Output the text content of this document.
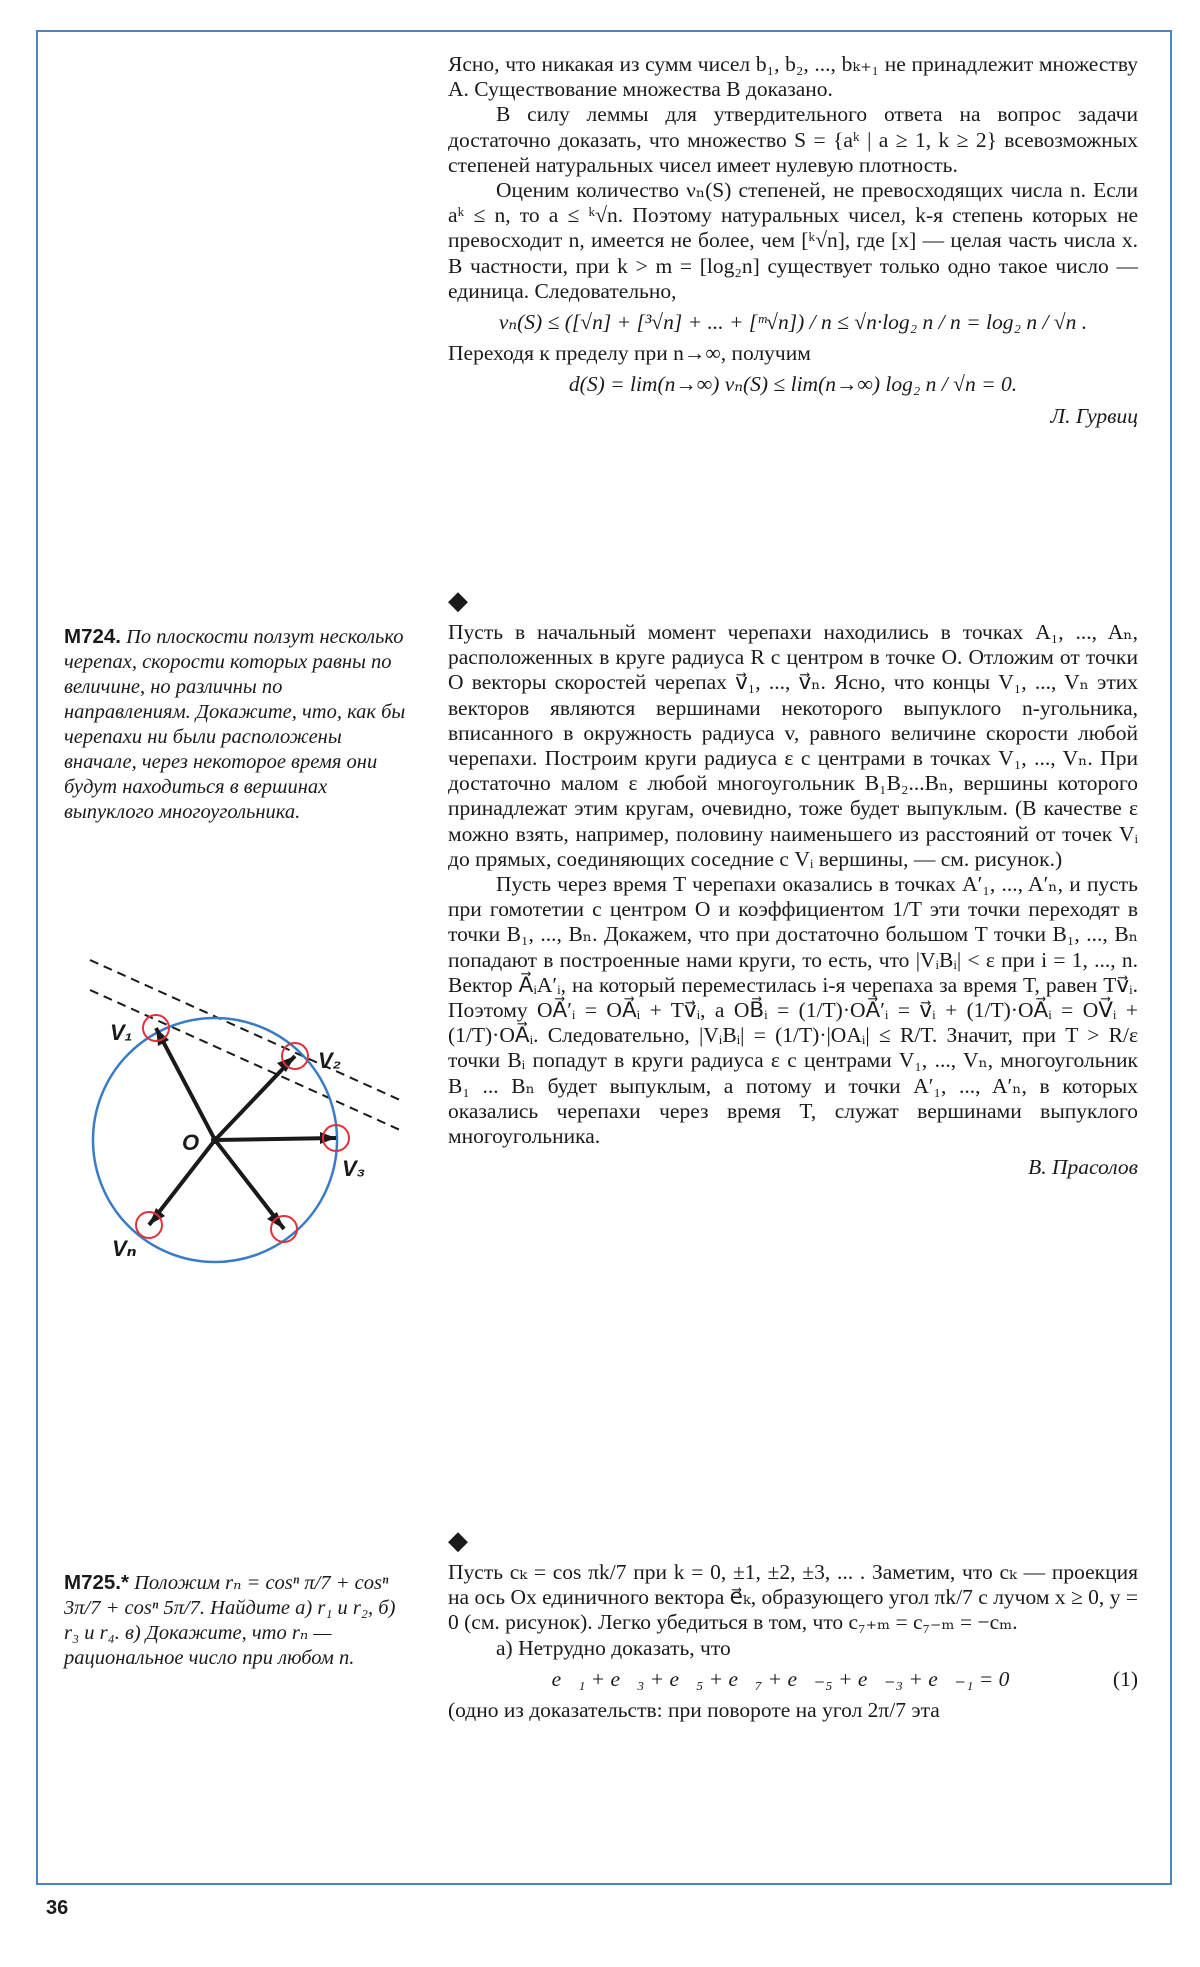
Ясно, что никакая из сумм чисел b₁, b₂, ..., bₖ₊₁ не принадлежит множеству A. Существование множества B доказано.

В силу леммы для утвердительного ответа на вопрос задачи достаточно доказать, что множество S = {aᵏ | a ≥ 1, k ≥ 2} всевозможных степеней натуральных чисел имеет нулевую плотность.

Оценим количество νₙ(S) степеней, не превосходящих числа n. Если aᵏ ≤ n, то a ≤ ᵏ√n. Поэтому натуральных чисел, k-я степень которых не превосходит n, имеется не более, чем [ᵏ√n], где [x] — целая часть числа x. В частности, при k > m = [log₂n] существует только одно такое число — единица. Следовательно,

νₙ(S) ≤ ([√n] + [³√n] + ... + [ᵐ√n]) / n ≤ √n·log₂ n / n = log₂ n / √n .

Переходя к пределу при n→∞, получим

d(S) = lim(n→∞) νₙ(S) ≤ lim(n→∞) log₂ n / √n = 0.
Л. Гурвиц
М724. По плоскости ползут несколько черепах, скорости которых равны по величине, но различны по направлениям. Докажите, что, как бы черепахи ни были расположены вначале, через некоторое время они будут находиться в вершинах выпуклого многоугольника.
V₁
V₂
V₃
Vₙ
O
◆

Пусть в начальный момент черепахи находились в точках A₁, ..., Aₙ, расположенных в круге радиуса R с центром в точке O. Отложим от точки O векторы скоростей черепах v⃗₁, ..., v⃗ₙ. Ясно, что концы V₁, ..., Vₙ этих векторов являются вершинами некоторого выпуклого n-угольника, вписанного в окружность радиуса v, равного величине скорости любой черепахи. Построим круги радиуса ε с центрами в точках V₁, ..., Vₙ. При достаточно малом ε любой многоугольник B₁B₂...Bₙ, вершины которого принадлежат этим кругам, очевидно, тоже будет выпуклым. (В качестве ε можно взять, например, половину наименьшего из расстояний от точек Vᵢ до прямых, соединяющих соседние с Vᵢ вершины, — см. рисунок.)

Пусть через время T черепахи оказались в точках A′₁, ..., A′ₙ, и пусть при гомотетии с центром O и коэффициентом 1/T эти точки переходят в точки B₁, ..., Bₙ. Докажем, что при достаточно большом T точки B₁, ..., Bₙ попадают в построенные нами круги, то есть, что |VᵢBᵢ| < ε при i = 1, ..., n. Вектор A⃗ᵢA′ᵢ, на который переместилась i-я черепаха за время T, равен Tv⃗ᵢ. Поэтому OA⃗′ᵢ = OA⃗ᵢ + Tv⃗ᵢ, а OB⃗ᵢ = (1/T)·OA⃗′ᵢ = v⃗ᵢ + (1/T)·OA⃗ᵢ = OV⃗ᵢ + (1/T)·OA⃗ᵢ. Следовательно, |VᵢBᵢ| = (1/T)·|OAᵢ| ≤ R/T. Значит, при T > R/ε точки Bᵢ попадут в круги радиуса ε с центрами V₁, ..., Vₙ, многоугольник B₁ ... Bₙ будет выпуклым, а потому и точки A′₁, ..., A′ₙ, в которых оказались черепахи через время T, служат вершинами выпуклого многоугольника.

В. Прасолов
М725.* Положим rₙ = cosⁿ π/7 + cosⁿ 3π/7 + cosⁿ 5π/7. Найдите а) r₁ и r₂, б) r₃ и r₄. в) Докажите, что rₙ — рациональное число при любом n.
◆

Пусть cₖ = cos πk/7 при k = 0, ±1, ±2, ±3, ... . Заметим, что cₖ — проекция на ось Ox единичного вектора e⃗ₖ, образующего угол πk/7 с лучом x ≥ 0, y = 0 (см. рисунок). Легко убедиться в том, что c₇₊ₘ = c₇₋ₘ = −cₘ.

а) Нетрудно доказать, что

e⃗₁ + e⃗₃ + e⃗₅ + e⃗₇ + e⃗₋₅ + e⃗₋₃ + e⃗₋₁ = 0	(1)

(одно из доказательств: при повороте на угол 2π/7 эта

36
